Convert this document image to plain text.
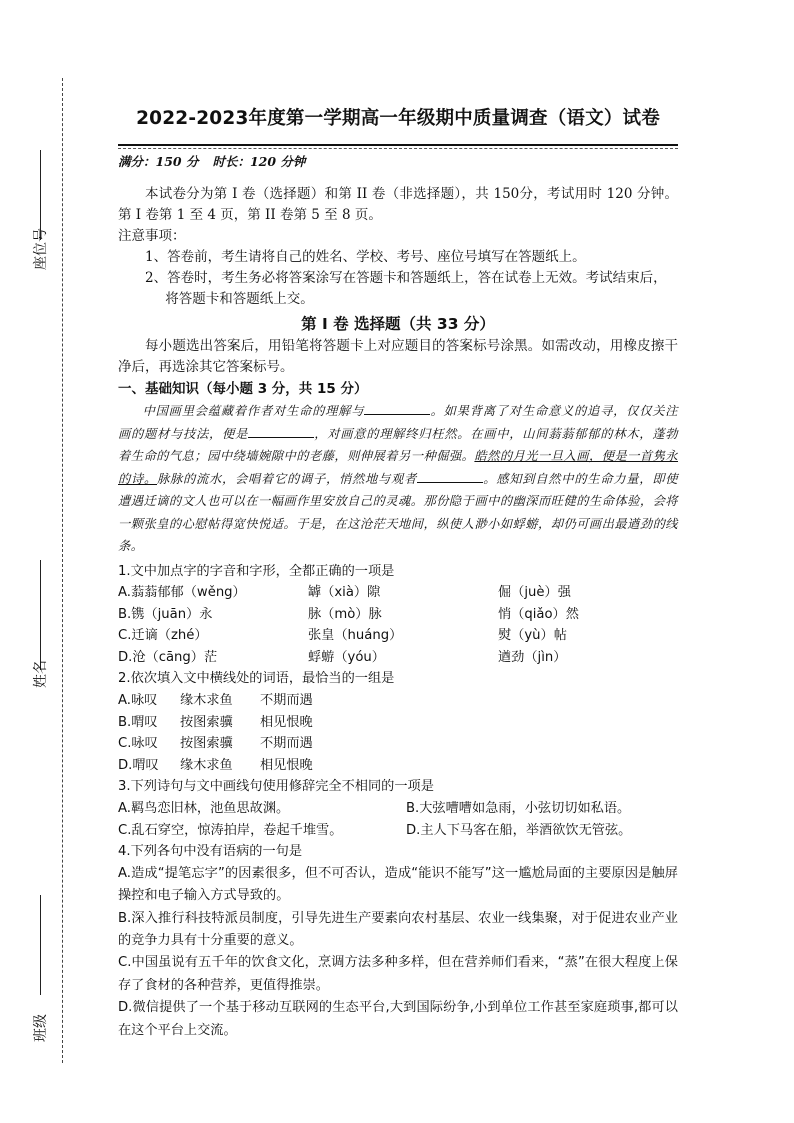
座位号
姓名
班级
2022-2023年度第一学期高一年级期中质量调查（语文）试卷
满分：150 分 时长：120 分钟

本试卷分为第 I 卷（选择题）和第 II 卷（非选择题），共 150分，考试用时 120 分钟。第 I 卷第 1 至 4 页，第 II 卷第 5 至 8 页。

注意事项：

1、答卷前，考生请将自己的姓名、学校、考号、座位号填写在答题纸上。

2、答卷时，考生务必将答案涂写在答题卡和答题纸上，答在试卷上无效。考试结束后，
将答题卡和答题纸上交。

第 I 卷 选择题（共 33 分）

每小题选出答案后，用铅笔将答题卡上对应题目的答案标号涂黑。如需改动，用橡皮擦干净后，再选涂其它答案标号。

一、基础知识（每小题 3 分，共 15 分）

中国画里会蕴藏着作者对生命的理解与	。如果背离了对生命意义的追寻，仅仅关注画的题材与技法，便是	，对画意的理解终归枉然。在画中，山间蓊蓊郁郁的林木，蓬勃着生命的气息；园中绕墙婉隙中的老藤，则伸展着另一种倔强。皓然的月光一旦入画，便是一首隽永的诗。脉脉的流水，会唱着它的调子，悄然地与观者	。感知到自然中的生命力量，即使遭遇迁谪的文人也可以在一幅画作里安放自己的灵魂。那份隐于画中的幽深而旺健的生命体验，会将一颗张皇的心慰帖得宽快悦适。于是，在这沧茫天地间，纵使人渺小如蜉蝣，却仍可画出最遒劲的线条。

1.文中加点字的字音和字形，全都正确的一项是

A.蓊蓊郁郁（wěng）	罅（xià）隙	倔（juè）强
B.镌（juān）永	脉（mò）脉	悄（qiǎo）然
C.迁谪（zhé）	张皇（huáng）	熨（yù）帖
D.沧（cāng）茫	蜉蝣（yóu）	遒劲（jìn）

2.依次填入文中横线处的词语，最恰当的一组是

A.咏叹 缘木求鱼 不期而遇
B.喟叹 按图索骥 相见恨晚
C.咏叹 按图索骥 不期而遇
D.喟叹 缘木求鱼 相见恨晚

3.下列诗句与文中画线句使用修辞完全不相同的一项是

A.羁鸟恋旧林，池鱼思故渊。	B.大弦嘈嘈如急雨，小弦切切如私语。
C.乱石穿空，惊涛拍岸，卷起千堆雪。	D.主人下马客在船，举酒欲饮无管弦。

4.下列各句中没有语病的一句是

A.造成“提笔忘字”的因素很多，但不可否认，造成“能识不能写”这一尴尬局面的主要原因是触屏操控和电子输入方式导致的。

B.深入推行科技特派员制度，引导先进生产要素向农村基层、农业一线集聚，对于促进农业产业的竞争力具有十分重要的意义。

C.中国虽说有五千年的饮食文化，烹调方法多种多样，但在营养师们看来，“蒸”在很大程度上保存了食材的各种营养，更值得推崇。

D.微信提供了一个基于移动互联网的生态平台,大到国际纷争,小到单位工作甚至家庭琐事,都可以在这个平台上交流。
